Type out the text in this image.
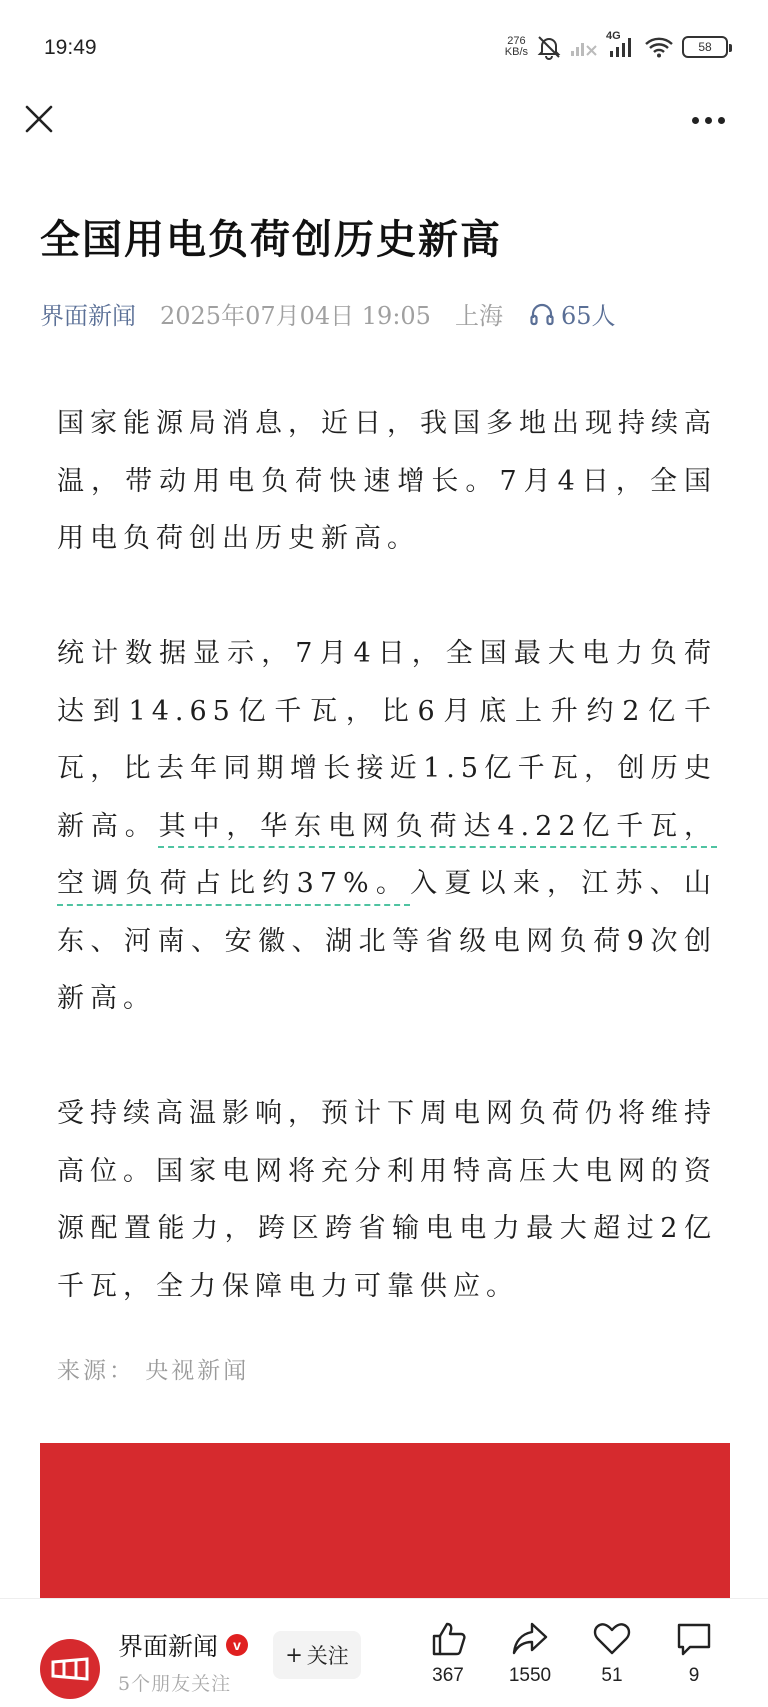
19:49	276
KB/s
4G
58
全国用电负荷创历史新高
界面新闻 2025年07月04日 19:05 上海 65人

国家能源局消息，近日，我国多地出现持续高温，带动用电负荷快速增长。7月4日，全国用电负荷创出历史新高。

统计数据显示，7月4日，全国最大电力负荷达到14.65亿千瓦，比6月底上升约2亿千瓦，比去年同期增长接近1.5亿千瓦，创历史新高。其中，华东电网负荷达4.22亿千瓦，空调负荷占比约37%。入夏以来，江苏、山东、河南、安徽、湖北等省级电网负荷9次创新高。

受持续高温影响，预计下周电网负荷仍将维持高位。国家电网将充分利用特高压大电网的资源配置能力，跨区跨省输电电力最大超过2亿千瓦，全力保障电力可靠供应。

来源： 央视新闻
界面新闻	v
5个朋友关注
+ 关注
367 1550	51	9
